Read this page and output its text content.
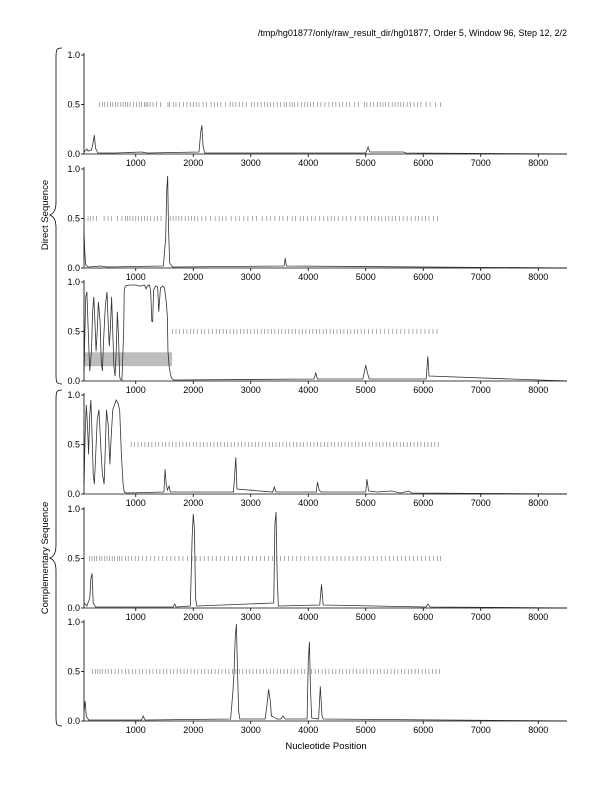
/tmp/hg01877/only/raw_result_dir/hg01877, Order 5, Window 96, Step 12, 2/2
0.0
0.5
1.0
1000	2000	3000	4000	5000	6000	7000	8000
0.0
0.5
1.0
1000	2000	3000	4000	5000	6000	7000	8000
0.0
0.5
1.0
1000	2000	3000	4000	5000	6000	7000	8000
0.0
0.5
1.0
1000	2000	3000	4000	5000	6000	7000	8000
0.0
0.5
1.0
1000	2000	3000	4000	5000	6000	7000	8000
0.0
0.5
1.0
1000	2000	3000	4000	5000	6000	7000	8000
Direct Sequence
Complementary Sequence
Nucleotide Position
